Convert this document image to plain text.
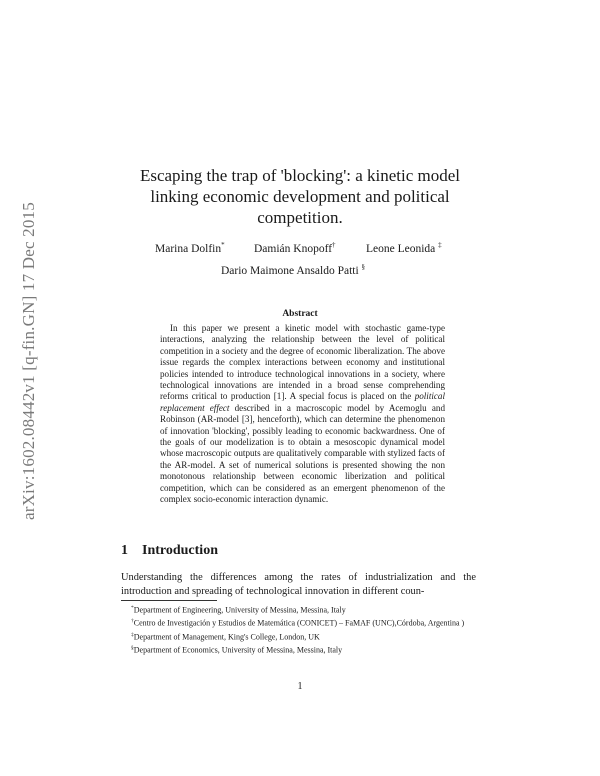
arXiv:1602.08442v1 [q-fin.GN] 17 Dec 2015
Escaping the trap of 'blocking': a kinetic model linking economic development and political competition.
Marina Dolfin*	Damián Knopoff†	Leone Leonida ‡
Dario Maimone Ansaldo Patti §
Abstract

In this paper we present a kinetic model with stochastic game-type interactions, analyzing the relationship between the level of political competition in a society and the degree of economic liberalization. The above issue regards the complex interactions between economy and institutional policies intended to introduce technological innovations in a society, where technological innovations are intended in a broad sense comprehending reforms critical to production [1]. A special focus is placed on the political replacement effect described in a macroscopic model by Acemoglu and Robinson (AR-model [3], henceforth), which can determine the phenomenon of innovation 'blocking', possibly leading to economic backwardness. One of the goals of our modelization is to obtain a mesoscopic dynamical model whose macroscopic outputs are qualitatively comparable with stylized facts of the AR-model. A set of numerical solutions is presented showing the non monotonous relationship between economic liberization and political competition, which can be considered as an emergent phenomenon of the complex socio-economic interaction dynamic.

1 Introduction

Understanding the differences among the rates of industrialization and the introduction and spreading of technological innovation in different coun-

*Department of Engineering, University of Messina, Messina, Italy

†Centro de Investigación y Estudios de Matemática (CONICET) – FaMAF (UNC),Córdoba, Argentina )

‡Department of Management, King's College, London, UK

§Department of Economics, University of Messina, Messina, Italy

1
